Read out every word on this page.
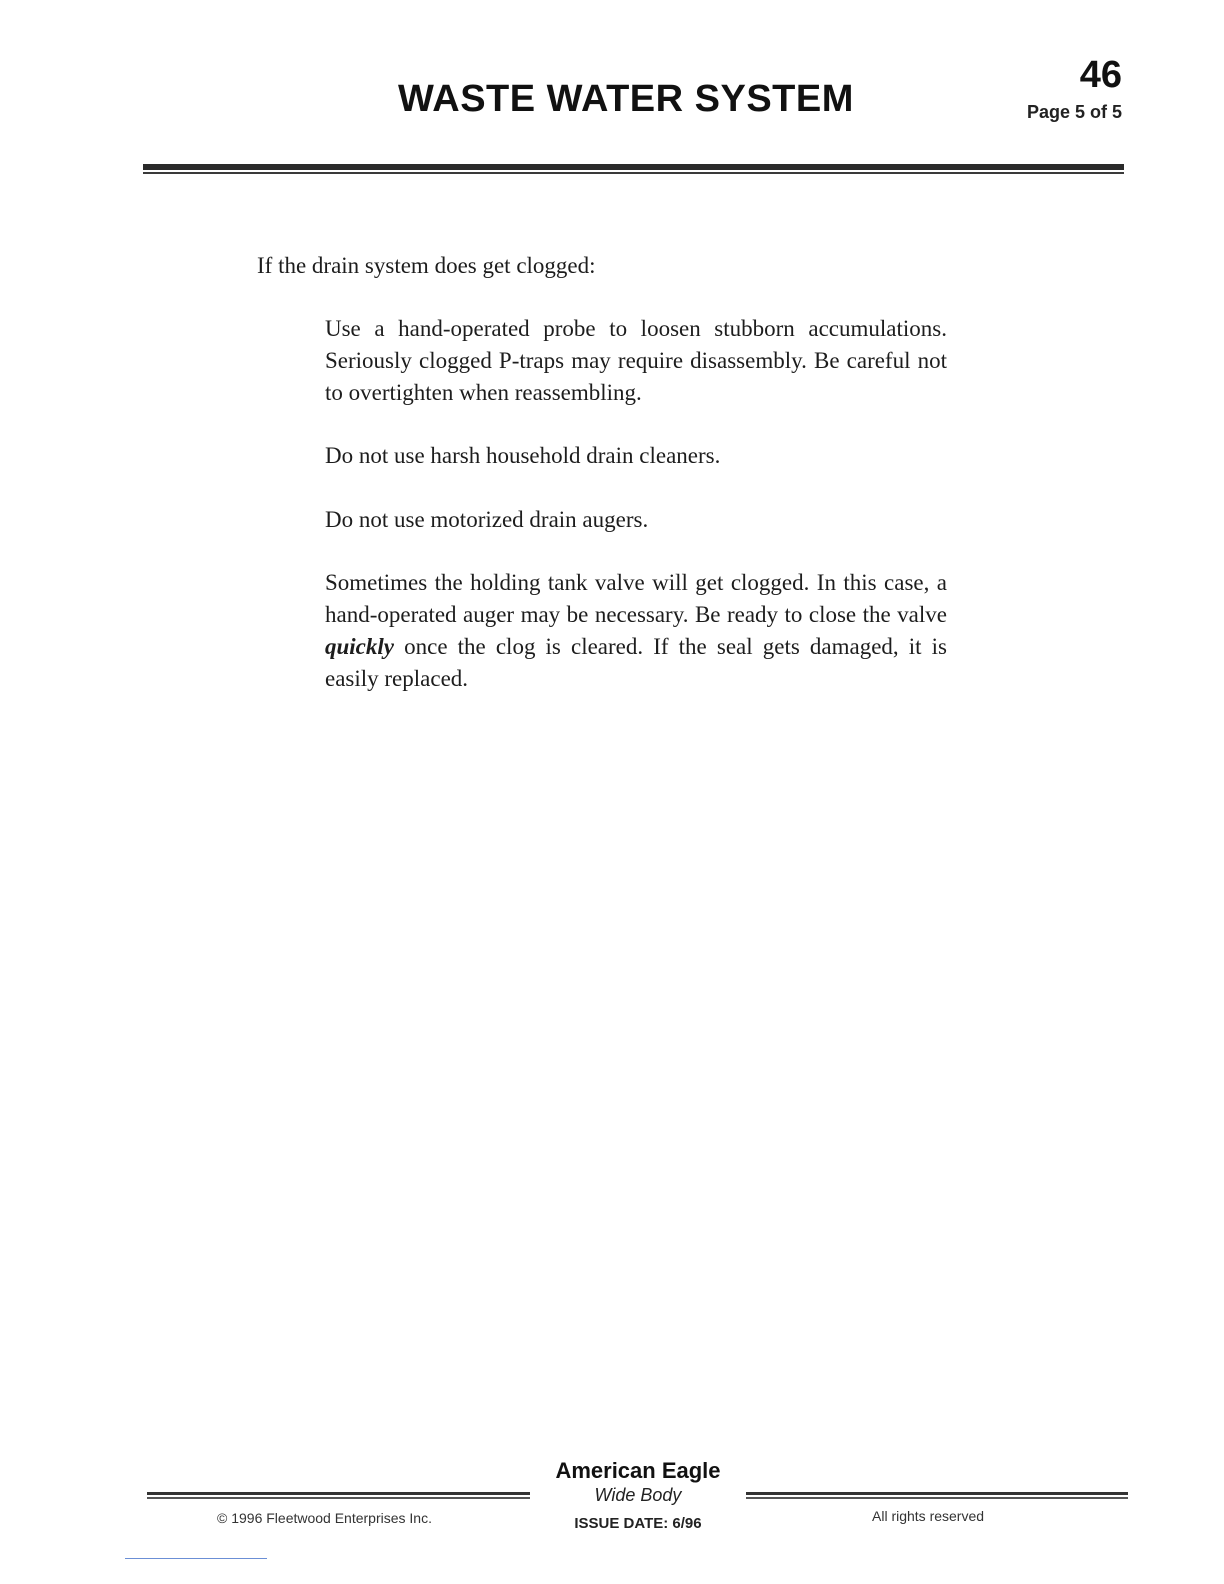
WASTE WATER SYSTEM
46
Page 5 of 5
If the drain system does get clogged:
Use a hand-operated probe to loosen stubborn accumulations. Seriously clogged P-traps may require disassembly. Be careful not to overtighten when reassembling.
Do not use harsh household drain cleaners.
Do not use motorized drain augers.
Sometimes the holding tank valve will get clogged. In this case, a hand-operated auger may be necessary. Be ready to close the valve quickly once the clog is cleared. If the seal gets damaged, it is easily replaced.
American Eagle
Wide Body
ISSUE DATE: 6/96
© 1996 Fleetwood Enterprises Inc.	All rights reserved
